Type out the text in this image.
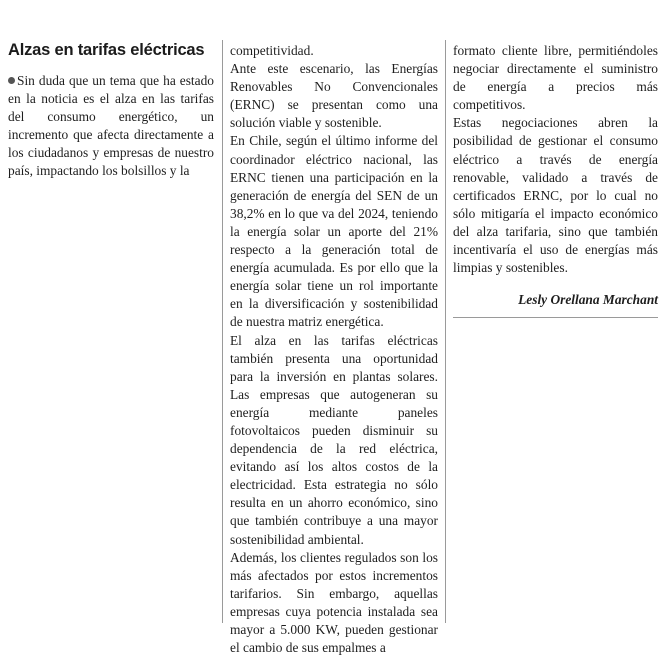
Alzas en tarifas eléctricas

Sin duda que un tema que ha estado en la noticia es el alza en las tarifas del consumo energético, un incremento que afecta directamente a los ciudadanos y empresas de nuestro país, impactando los bolsillos y la

competitividad.

Ante este escenario, las Energías Renovables No Convencionales (ERNC) se presentan como una solución viable y sostenible.

En Chile, según el último informe del coordinador eléctrico nacional, las ERNC tienen una participación en la generación de energía del SEN de un 38,2% en lo que va del 2024, teniendo la energía solar un aporte del 21% respecto a la generación total de energía acumulada. Es por ello que la energía solar tiene un rol importante en la diversificación y sostenibilidad de nuestra matriz energética.

El alza en las tarifas eléctricas también presenta una oportunidad para la inversión en plantas solares. Las empresas que autogeneran su energía mediante paneles fotovoltaicos pueden disminuir su dependencia de la red eléctrica, evitando así los altos costos de la electricidad. Esta estrategia no sólo resulta en un ahorro económico, sino que también contribuye a una mayor sostenibilidad ambiental.

Además, los clientes regulados son los más afectados por estos incrementos tarifarios. Sin embargo, aquellas empresas cuya potencia instalada sea mayor a 5.000 KW, pueden gestionar el cambio de sus empalmes a

formato cliente libre, permitiéndoles negociar directamente el suministro de energía a precios más competitivos.

Estas negociaciones abren la posibilidad de gestionar el consumo eléctrico a través de energía renovable, validado a través de certificados ERNC, por lo cual no sólo mitigaría el impacto económico del alza tarifaria, sino que también incentivaría el uso de energías más limpias y sostenibles.

Lesly Orellana Marchant
